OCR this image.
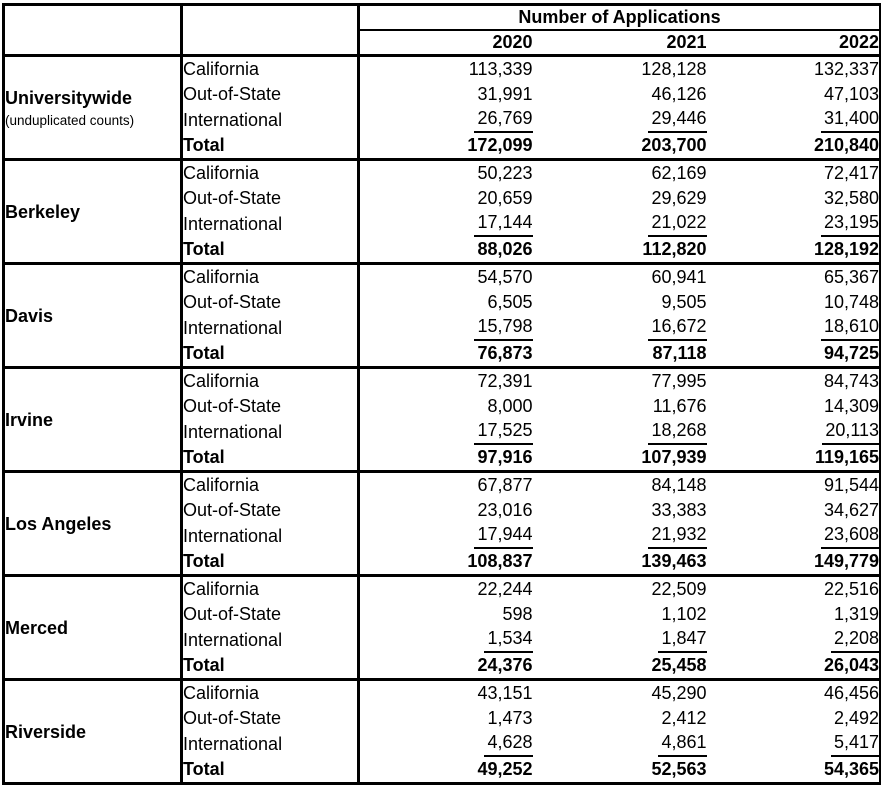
		Number of Applications		
		2020	2021	2022

Universitywide
(unduplicated counts)	California	113,339	128,128	132,337
	Out-of-State	31,991	46,126	47,103
	International	26,769	29,446	31,400
	Total	172,099	203,700	210,840

Berkeley	California	50,223	62,169	72,417
	Out-of-State	20,659	29,629	32,580
	International	17,144	21,022	23,195
	Total	88,026	112,820	128,192

Davis	California	54,570	60,941	65,367
	Out-of-State	6,505	9,505	10,748
	International	15,798	16,672	18,610
	Total	76,873	87,118	94,725

Irvine	California	72,391	77,995	84,743
	Out-of-State	8,000	11,676	14,309
	International	17,525	18,268	20,113
	Total	97,916	107,939	119,165

Los Angeles	California	67,877	84,148	91,544
	Out-of-State	23,016	33,383	34,627
	International	17,944	21,932	23,608
	Total	108,837	139,463	149,779

Merced	California	22,244	22,509	22,516
	Out-of-State	598	1,102	1,319
	International	1,534	1,847	2,208
	Total	24,376	25,458	26,043

Riverside	California	43,151	45,290	46,456
	Out-of-State	1,473	2,412	2,492
	International	4,628	4,861	5,417
	Total	49,252	52,563	54,365
